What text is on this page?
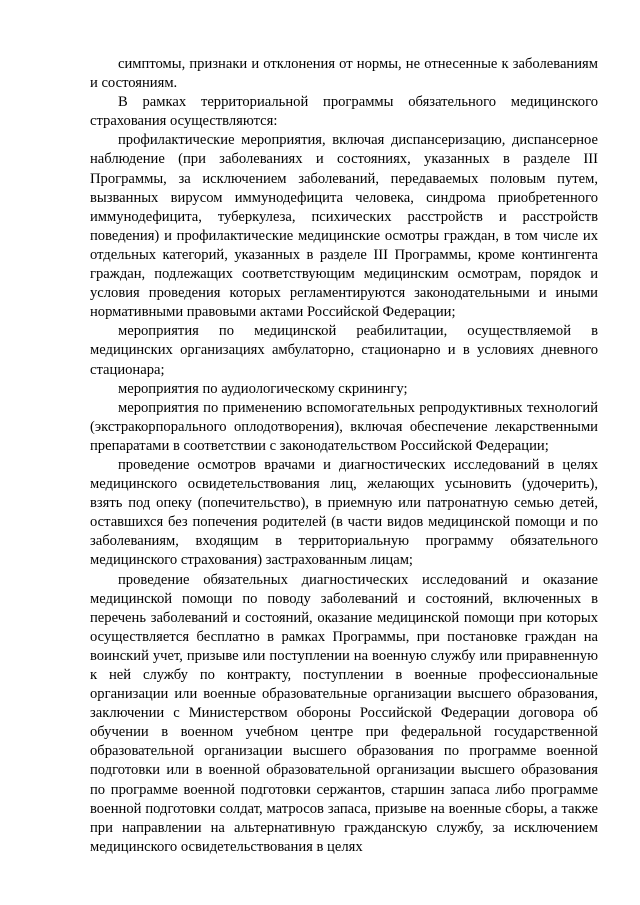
симптомы, признаки и отклонения от нормы, не отнесенные к заболеваниям и состояниям.

В рамках территориальной программы обязательного медицинского страхования осуществляются:

профилактические мероприятия, включая диспансеризацию, диспансерное наблюдение (при заболеваниях и состояниях, указанных в разделе III Программы, за исключением заболеваний, передаваемых половым путем, вызванных вирусом иммунодефицита человека, синдрома приобретенного иммунодефицита, туберкулеза, психических расстройств и расстройств поведения) и профилактические медицинские осмотры граждан, в том числе их отдельных категорий, указанных в разделе III Программы, кроме контингента граждан, подлежащих соответствующим медицинским осмотрам, порядок и условия проведения которых регламентируются законодательными и иными нормативными правовыми актами Российской Федерации;

мероприятия по медицинской реабилитации, осуществляемой в медицинских организациях амбулаторно, стационарно и в условиях дневного стационара;

мероприятия по аудиологическому скринингу;

мероприятия по применению вспомогательных репродуктивных технологий (экстракорпорального оплодотворения), включая обеспечение лекарственными препаратами в соответствии с законодательством Российской Федерации;

проведение осмотров врачами и диагностических исследований в целях медицинского освидетельствования лиц, желающих усыновить (удочерить), взять под опеку (попечительство), в приемную или патронатную семью детей, оставшихся без попечения родителей (в части видов медицинской помощи и по заболеваниям, входящим в территориальную программу обязательного медицинского страхования) застрахованным лицам;

проведение обязательных диагностических исследований и оказание медицинской помощи по поводу заболеваний и состояний, включенных в перечень заболеваний и состояний, оказание медицинской помощи при которых осуществляется бесплатно в рамках Программы, при постановке граждан на воинский учет, призыве или поступлении на военную службу или приравненную к ней службу по контракту, поступлении в военные профессиональные организации или военные образовательные организации высшего образования, заключении с Министерством обороны Российской Федерации договора об обучении в военном учебном центре при федеральной государственной образовательной организации высшего образования по программе военной подготовки или в военной образовательной организации высшего образования по программе военной подготовки сержантов, старшин запаса либо программе военной подготовки солдат, матросов запаса, призыве на военные сборы, а также при направлении на альтернативную гражданскую службу, за исключением медицинского освидетельствования в целях
